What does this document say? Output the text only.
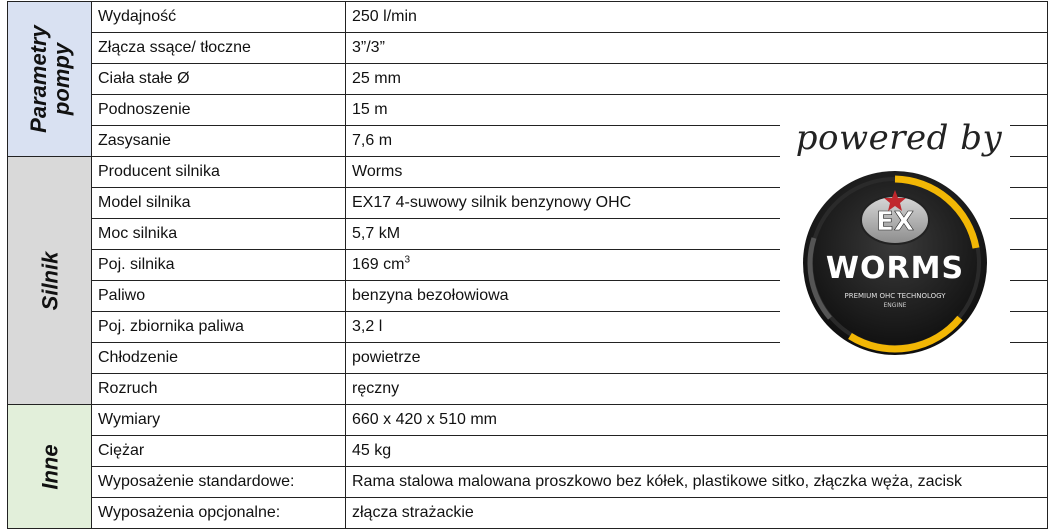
Parametry pompy	Wydajność	250 l/min
	Złącza ssące/ tłoczne	3”/3”
	Ciała stałe Ø	25 mm
	Podnoszenie	15 m
	Zasysanie	7,6 m

Silnik	Producent silnika	Worms
	Model silnika	EX17 4-suwowy silnik benzynowy OHC
	Moc silnika	5,7 kM
	Poj. silnika	169 $cm^3$
	Paliwo	benzyna bezołowiowa
	Poj. zbiornika paliwa	3,2 l
	Chłodzenie	powietrze
	Rozruch	ręczny

Inne	Wymiary	660 x 420 x 510 mm
	Ciężar	45 kg
	Wyposażenie standardowe:	Rama stalowa malowana proszkowo bez kółek, plastikowe sitko, złączka węża, zacisk
	Wyposażenia opcjonalne:	złącza strażackie
powered by
EX
WORMS
PREMIUM OHC TECHNOLOGY
ENGINE
